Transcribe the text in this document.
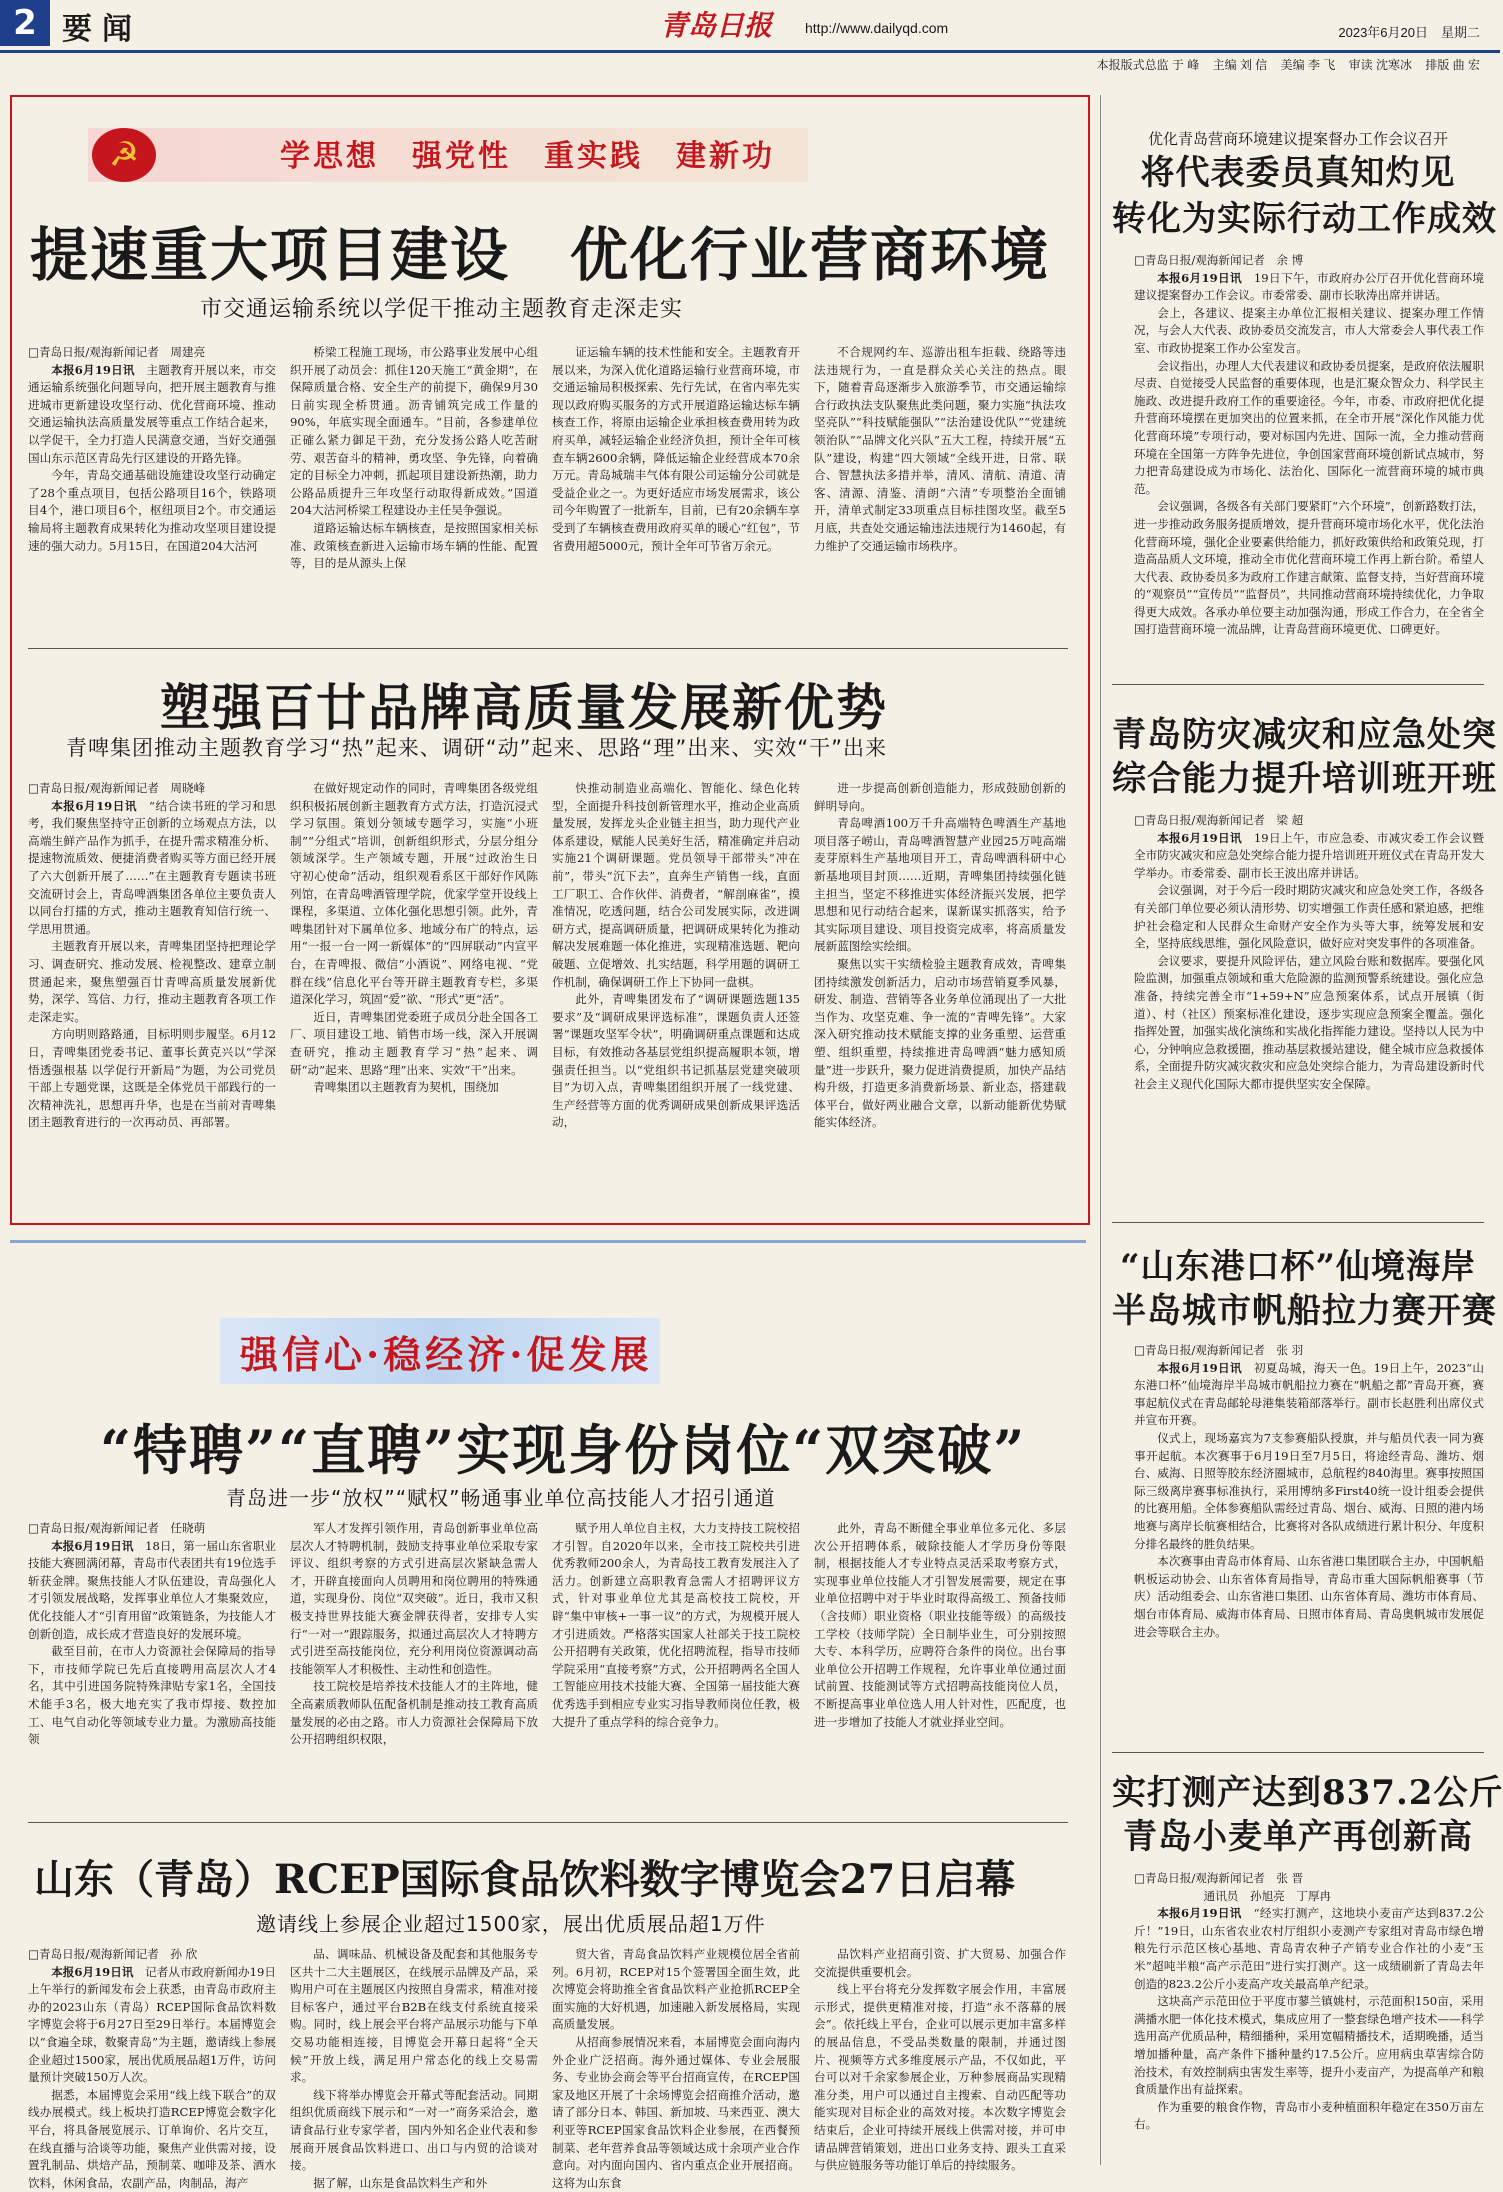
2 要闻	青岛日报 http://www.dailyqd.com	2023年6月20日　星期二
本报版式总监 于 峰 主编 刘 信 美编 李 飞 审读 沈寒冰 排版 曲 宏
☭	学思想　强党性　重实践　建新功
提速重大项目建设　优化行业营商环境
市交通运输系统以学促干推动主题教育走深走实

□青岛日报/观海新闻记者　周建亮

本报6月19日讯　主题教育开展以来，市交通运输系统强化问题导向，把开展主题教育与推进城市更新建设攻坚行动、优化营商环境、推动交通运输执法高质量发展等重点工作结合起来，以学促干，全力打造人民满意交通，当好交通强国山东示范区青岛先行区建设的开路先锋。

今年，青岛交通基础设施建设攻坚行动确定了28个重点项目，包括公路项目16个，铁路项目4个，港口项目6个，枢纽项目2个。市交通运输局将主题教育成果转化为推动攻坚项目建设提速的强大动力。5月15日，在国道204大沽河

桥梁工程施工现场，市公路事业发展中心组织开展了动员会：抓住120天施工“黄金期”，在保障质量合格、安全生产的前提下，确保9月30日前实现全桥贯通。沥青铺筑完成工作量的90%，年底实现全面通车。“目前，各参建单位正確么紧力御足干劲，充分发扬公路人吃苦耐劳、艰苦奋斗的精神，勇攻坚、争先锋，向着确定的目标全力冲刺，抓起项目建设新热潮，助力公路品质提升三年攻坚行动取得新成效。”国道204大沽河桥梁工程建设办主任吴争强说。

道路运输达标车辆核查，是按照国家相关标准、政策核查新进入运输市场车辆的性能、配置等，目的是从源头上保

证运输车辆的技术性能和安全。主题教育开展以来，为深入优化道路运输行业营商环境，市交通运输局积极探索、先行先试，在省内率先实现以政府购买服务的方式开展道路运输达标车辆核查工作，将原由运输企业承担核查费用转为政府买单，减轻运输企业经济负担，预计全年可核查车辆2600余辆，降低运输企业经营成本70余万元。青岛城瑞丰气体有限公司运输分公司就是受益企业之一。为更好适应市场发展需求，该公司今年购置了一批新车，目前，已有20余辆车享受到了车辆核查费用政府买单的暖心“红包”，节省费用超5000元，预计全年可节省万余元。

不合规网约车、巡游出租车拒载、绕路等违法违规行为，一直是群众关心关注的热点。眼下，随着青岛逐渐步入旅游季节，市交通运输综合行政执法支队聚焦此类问题，聚力实施“执法攻坚亮队”“科技赋能强队”“法治建设优队”“党建统领治队”“品牌文化兴队”五大工程，持续开展“五队”建设，构建“四大领域”全线开进，日常、联合、智慧执法多措并举，清风、清航、清道、清客、清源、清鉴、清朗“六清”专项整治全面铺开，清单式制定33项重点目标挂图攻坚。截至5月底，共查处交通运输违法违规行为1460起，有力维护了交通运输市场秩序。

塑强百廿品牌高质量发展新优势
青啤集团推动主题教育学习“热”起来、调研“动”起来、思路“理”出来、实效“干”出来

□青岛日报/观海新闻记者　周晓峰

本报6月19日讯　“结合读书班的学习和思考，我们聚焦坚持守正创新的立场观点方法，以高端生鲜产品作为抓手，在提升需求精准分析、提速物流质效、便捷消费者购买等方面已经开展了六大创新开展了……”在主题教育专题读书班交流研讨会上，青岛啤酒集团各单位主要负责人以同台打擂的方式，推动主题教育知信行统一、学思用贯通。

主题教育开展以来，青啤集团坚持把理论学习、调查研究、推动发展、检视整改、建章立制贯通起来，聚焦塑强百廿青啤高质量发展新优势，深学、笃信、力行，推动主题教育各项工作走深走实。

方向明则路路通，目标明则步履坚。6月12日，青啤集团党委书记、董事长黄克兴以“学深悟透强根基 以学促行开新局”为题，为公司党员干部上专题党课，这既是全体党员干部践行的一次精神洗礼，思想再升华，也是在当前对青啤集团主题教育进行的一次再动员、再部署。

在做好规定动作的同时，青啤集团各级党组织积极拓展创新主题教育方式方法，打造沉浸式学习氛围。策划分领域专题学习，实施“小班制”“分组式”培训，创新组织形式，分层分组分领域深学。生产领域专题，开展“过政治生日　守初心使命”活动，组织观看系区干部好作风陈列馆，在青岛啤酒管理学院，优家学堂开设线上课程，多渠道、立体化强化思想引领。此外，青啤集团针对下属单位多、地域分布广的特点，运用“一报一台一网一新媒体”的“四屏联动”内宣平台，在青啤报、微信“小酒说”、网络电视、“党群在线”信息化平台等开辟主题教育专栏，多渠道深化学习，筑固“爱”欲、“形式”更“活”。

近日，青啤集团党委班子成员分赴全国各工厂、项目建设工地、销售市场一线，深入开展调查研究，推动主题教育学习“热”起来、调研“动”起来、思路“理”出来、实效“干”出来。

青啤集团以主题教育为契机，围绕加

快推动制造业高端化、智能化、绿色化转型，全面提升科技创新管理水平，推动企业高质量发展，发挥龙头企业链主担当，助力现代产业体系建设，赋能人民美好生活，精准确定并启动实施21个调研课题。党员领导干部带头“冲在前”，带头“沉下去”，直奔生产销售一线，直面工厂职工、合作伙伴、消费者，“解剖麻雀”，摸准情况，吃透问题，结合公司发展实际，改进调研方式，提高调研质量，把调研成果转化为推动解决发展难题一体化推进，实现精准选题、靶向破题、立促增效、扎实结题，科学用题的调研工作机制，确保调研工作上下协同一盘棋。

此外，青啤集团发布了“调研课题选题135要求”及“调研成果评选标准”，课题负责人还签署“课题攻坚军令状”，明确调研重点课题和达成目标，有效推动各基层党组织提高履职本领，增强责任担当。以“党组织书记抓基层党建突破项目”为切入点，青啤集团组织开展了一线党建、生产经营等方面的优秀调研成果创新成果评选活动，

进一步提高创新创造能力，形成鼓励创新的鲜明导向。

青岛啤酒100万千升高端特色啤酒生产基地项目落子崂山，青岛啤酒智慧产业园25万吨高端麦芽原料生产基地项目开工，青岛啤酒科研中心新基地项目封顶……近期，青啤集团持续强化链主担当，坚定不移推进实体经济振兴发展，把学思想和见行动结合起来，谋新谋实抓落实，给予其实际项目建设、项目投资完成率，将高质量发展新蓝图绘实绘细。

聚焦以实干实绩检验主题教育成效，青啤集团持续激发创新活力，启动市场营销夏季风暴，研发、制造、营销等各业务单位涌现出了一大批当作为、攻坚克难、争一流的“青啤先锋”。大家深入研究推动技术赋能支撑的业务重塑、运营重塑、组织重塑，持续推进青岛啤酒“魅力感知质量”进一步跃升，聚力促进消费提质，加快产品结构升级，打造更多消费新场景、新业态，搭建载体平台，做好两业融合文章，以新动能新优势赋能实体经济。

强信心·稳经济·促发展
“特聘”“直聘”实现身份岗位“双突破”
青岛进一步“放权”“赋权”畅通事业单位高技能人才招引通道

□青岛日报/观海新闻记者　任晓萌

本报6月19日讯　18日，第一届山东省职业技能大赛圆满闭幕，青岛市代表团共有19位选手斩获金牌。聚焦技能人才队伍建设，青岛强化人才引领发展战略，发挥事业单位人才集聚效应，优化技能人才“引育用留”政策链条，为技能人才创新创造，成长成才营造良好的发展环境。

截至目前，在市人力资源社会保障局的指导下，市技师学院已先后直接聘用高层次人才4名，其中引进国务院特殊津贴专家1名，全国技术能手3名，极大地充实了我市焊接、数控加工、电气自动化等领域专业力量。为激励高技能领

军人才发挥引领作用，青岛创新事业单位高层次人才特聘机制，鼓励支持事业单位采取专家评议、组织考察的方式引进高层次紧缺急需人才，开辟直接面向人员聘用和岗位聘用的特殊通道，实现身份、岗位“双突破”。近日，我市又积极支持世界技能大赛金牌获得者，安排专人实行“一对一”跟踪服务，拟通过高层次人才特聘方式引进至高技能岗位，充分利用岗位资源调动高技能领军人才积极性、主动性和创造性。

技工院校是培养技术技能人才的主阵地，健全高素质教师队伍配备机制是推动技工教育高质量发展的必由之路。市人力资源社会保障局下放公开招聘组织权限，

赋予用人单位自主权，大力支持技工院校招才引智。自2020年以来，全市技工院校共引进优秀教师200余人，为青岛技工教育发展注入了活力。创新建立高职教育急需人才招聘评议方式，针对事业单位尤其是高校技工院校，开辟“集中审核+一事一议”的方式，为规模开展人才引进质效。严格落实国家人社部关于技工院校公开招聘有关政策，优化招聘流程，指导市技师学院采用“直接考察”方式，公开招聘两名全国人工智能应用技术技能大赛、全国第一届技能大赛优秀选手到相应专业实习指导教师岗位任教，极大提升了重点学科的综合竞争力。

此外，青岛不断健全事业单位多元化、多层次公开招聘体系，破除技能人才学历身份等限制，根据技能人才专业特点灵活采取考察方式，实现事业单位技能人才引智发展需要，规定在事业单位招聘中对于毕业时取得高级工、预备技师（含技师）职业资格（职业技能等级）的高级技工学校（技师学院）全日制毕业生，可分别按照大专、本科学历，应聘符合条件的岗位。出台事业单位公开招聘工作规程，允许事业单位通过面试前置、技能测试等方式招聘高技能岗位人员，不断提高事业单位选人用人针对性，匹配度，也进一步增加了技能人才就业择业空间。

山东（青岛）RCEP国际食品饮料数字博览会27日启幕
邀请线上参展企业超过1500家，展出优质展品超1万件

□青岛日报/观海新闻记者　孙 欣

本报6月19日讯　记者从市政府新闻办19日上午举行的新闻发布会上获悉，由青岛市政府主办的2023山东（青岛）RCEP国际食品饮料数字博览会将于6月27日至29日举行。本届博览会以“食遍全球，数聚青岛”为主题，邀请线上参展企业超过1500家，展出优质展品超1万件，访问量预计突破150万人次。

据悉，本届博览会采用“线上线下联合”的双线办展模式。线上板块打造RCEP博览会数字化平台，将具备展览展示、订单询价、名片交互，在线直播与洽谈等功能，聚焦产业供需对接，设置乳制品、烘焙产品，预制菜、咖啡及茶、酒水饮料，休闲食品，农副产品，肉制品，海产

品、调味品、机械设备及配套和其他服务专区共十二大主题展区，在线展示品牌及产品，采购用户可在主题展区内按照自身需求，精准对接目标客户，通过平台B2B在线支付系统直接采购。同时，线上展会平台将产品展示功能与下单交易功能相连接，目博览会开幕日起将“全天候”开放上线，满足用户常态化的线上交易需求。

线下将举办博览会开幕式等配套活动。同期组织优质商线下展示和“一对一”商务采洽会，邀请食品行业专家学者，国内外知名企业代表和参展商开展食品饮料进口、出口与内贸的洽谈对接。

据了解，山东是食品饮料生产和外

贸大省，青岛食品饮料产业规模位居全省前列。6月初，RCEP对15个签署国全面生效，此次博览会将助推全省食品饮料产业抢抓RCEP全面实施的大好机遇，加速融入新发展格局，实现高质量发展。

从招商参展情况来看，本届博览会面向海内外企业广泛招商。海外通过媒体、专业会展服务、专业协会商会等平台招商宣传，在RCEP国家及地区开展了十余场博览会招商推介活动，邀请了部分日本、韩国、新加坡、马来西亚、澳大利亚等RCEP国家食品饮料企业参展，在西餐预制菜、老年营养食品等领域达成十余项产业合作意向。对内面向国内、省内重点企业开展招商。这将为山东食

品饮料产业招商引资、扩大贸易、加强合作交流提供重要机会。

线上平台将充分发挥数字展会作用，丰富展示形式，提供更精准对接，打造“永不落幕的展会”。依托线上平台，企业可以展示更加丰富多样的展品信息，不受品类数量的限制，并通过图片、视频等方式多维度展示产品，不仅如此，平台可以对千余家参展企业，万种参展商品实现精准分类，用户可以通过自主搜索、自动匹配等功能实现对目标企业的高效对接。本次数字博览会结束后，企业可持续开展线上供需对接，并可申请品牌营销策划，进出口业务支持、跟头工直采与供应链服务等功能订单后的持续服务。

优化青岛营商环境建议提案督办工作会议召开
将代表委员真知灼见
转化为实际行动工作成效

□青岛日报/观海新闻记者　余 博

本报6月19日讯　19日下午，市政府办公厅召开优化营商环境建议提案督办工作会议。市委常委、副市长耿涛出席并讲话。

会上，各建议、提案主办单位汇报相关建议、提案办理工作情况，与会人大代表、政协委员交流发言，市人大常委会人事代表工作室、市政协提案工作办公室发言。

会议指出，办理人大代表建议和政协委员提案，是政府依法履职尽责、自觉接受人民监督的重要体现，也是汇聚众智众力、科学民主施政、改进提升政府工作的重要途径。今年，市委、市政府把优化提升营商环境摆在更加突出的位置来抓，在全市开展“深化作风能力优化营商环境”专项行动，要对标国内先进、国际一流，全力推动营商环境在全国第一方阵争先进位，争创国家营商环境创新试点城市，努力把青岛建设成为市场化、法治化、国际化一流营商环境的城市典范。

会议强调，各级各有关部门要紧盯“六个环境”，创新路数打法，进一步推动政务服务提质增效，提升营商环境市场化水平，优化法治化营商环境，强化企业要素供给能力，抓好政策供给和政策兑现，打造高品质人文环境，推动全市优化营商环境工作再上新台阶。希望人大代表、政协委员多为政府工作建言献策、监督支持，当好营商环境的“观察员”“宣传员”“监督员”，共同推动营商环境持续优化，力争取得更大成效。各承办单位要主动加强沟通，形成工作合力，在全省全国打造营商环境一流品牌，让青岛营商环境更优、口碑更好。

青岛防灾减灾和应急处突
综合能力提升培训班开班

□青岛日报/观海新闻记者　梁 超

本报6月19日讯　19日上午，市应急委、市减灾委工作会议暨全市防灾减灾和应急处突综合能力提升培训班开班仪式在青岛开发大学举办。市委常委、副市长王波出席并讲话。

会议强调，对于今后一段时期防灾减灾和应急处突工作，各级各有关部门单位要必须认清形势、切实增强工作责任感和紧迫感，把维护社会稳定和人民群众生命财产安全作为头等大事，统筹发展和安全，坚持底线思维，强化风险意识，做好应对突发事件的各项准备。

会议要求，要提升风险评估，建立风险台账和数据库。要强化风险监测，加强重点领域和重大危险源的监测预警系统建设。强化应急准备，持续完善全市“1+59+N”应急预案体系，试点开展镇（街道）、村（社区）预案标准化建设，逐步实现应急预案全覆盖。强化指挥处置，加强实战化演练和实战化指挥能力建设。坚持以人民为中心，分钟响应急救援圈，推动基层救援站建设，健全城市应急救援体系，全面提升防灾减灾救灾和应急处突综合能力，为青岛建设新时代社会主义现代化国际大都市提供坚实安全保障。

“山东港口杯”仙境海岸
半岛城市帆船拉力赛开赛

□青岛日报/观海新闻记者　张 羽

本报6月19日讯　初夏岛城，海天一色。19日上午，2023“山东港口杯”仙境海岸半岛城市帆船拉力赛在“帆船之都”青岛开赛，赛事起航仪式在青岛邮轮母港集装箱部落举行。副市长赵胜利出席仪式并宣布开赛。

仪式上，现场嘉宾为7支参赛船队授旗，并与船员代表一同为赛事开起航。本次赛事于6月19日至7月5日，将途经青岛、潍坊、烟台、威海、日照等胶东经济圈城市，总航程约840海里。赛事按照国际三级离岸赛事标准执行，采用博纳多First40统一设计组委会提供的比赛用船。全体参赛船队需经过青岛、烟台、威海、日照的港内场地赛与离岸长航赛相结合，比赛将对各队成绩进行累计积分、年度积分排名最终的胜负结果。

本次赛事由青岛市体育局、山东省港口集团联合主办，中国帆船帆板运动协会、山东省体育局指导，青岛市重大国际帆船赛事（节庆）活动组委会、山东省港口集团、山东省体育局、潍坊市体育局、烟台市体育局、威海市体育局、日照市体育局、青岛奥帆城市发展促进会等联合主办。

实打测产达到837.2公斤
青岛小麦单产再创新高

□青岛日报/观海新闻记者　张 晋

通讯员　孙旭亮　丁厚冉

本报6月19日讯　“经实打测产，这地块小麦亩产达到837.2公斤！”19日，山东省农业农村厅组织小麦测产专家组对青岛市绿色增粮先行示范区核心基地、青岛青农种子产销专业合作社的小麦“玉米”超吨半粮“高产示范田”进行实打测产。这一成绩刷新了青岛去年创造的823.2公斤小麦高产攻关最高单产纪录。

这块高产示范田位于平度市蓼兰镇姚村，示范面积150亩，采用满播水肥一体化技术模式，集成应用了一整套绿色增产技术——科学选用高产优质品种，精细播种，采用宽幅精播技术，适期晚播，适当增加播种量，高产条件下播种量约17.5公斤。应用病虫草害综合防治技术，有效控制病虫害发生率等，提升小麦亩产，为提高单产和粮食质量作出有益探索。

作为重要的粮食作物，青岛市小麦种植面积年稳定在350万亩左右。
